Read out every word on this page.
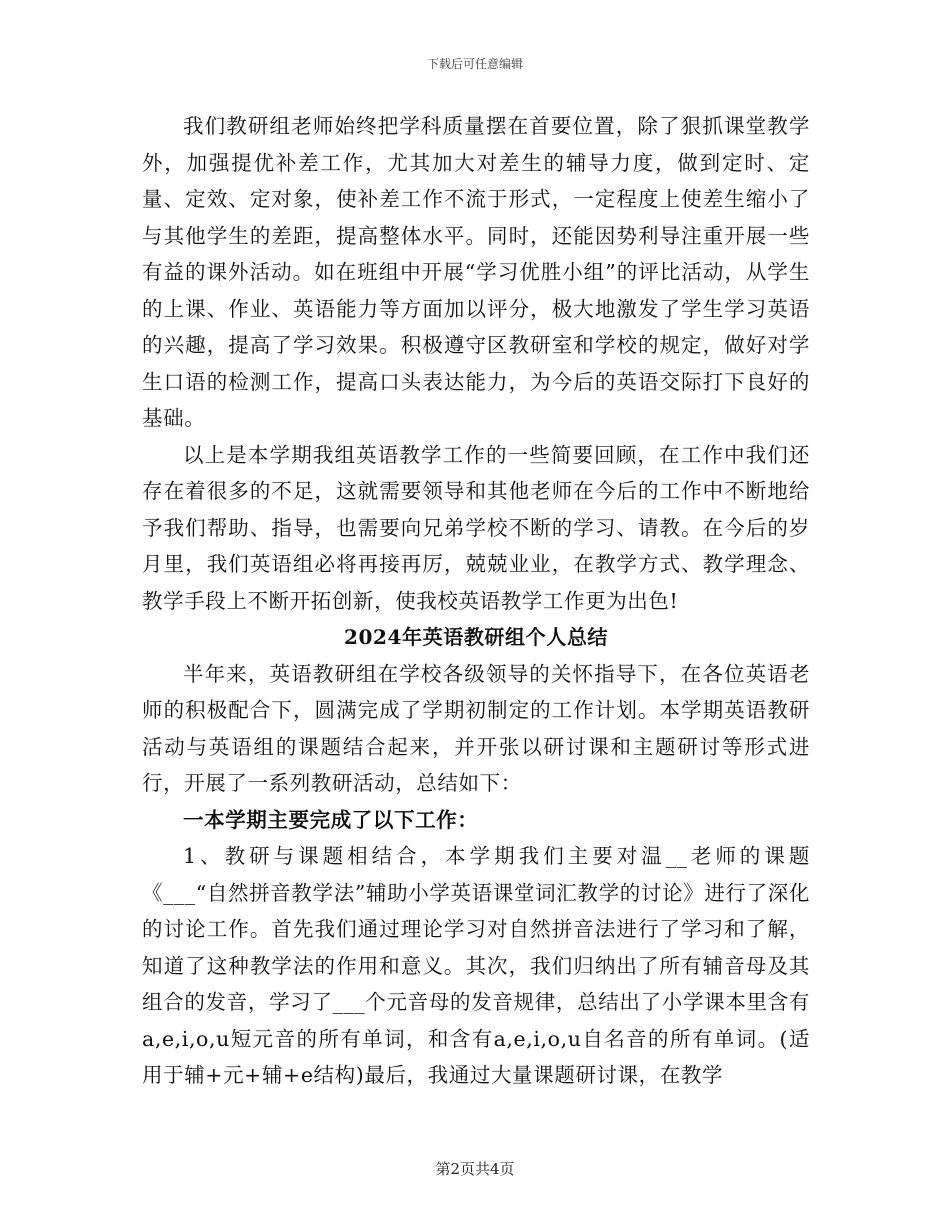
下载后可任意编辑

我们教研组老师始终把学科质量摆在首要位置，除了狠抓课堂教学外，加强提优补差工作，尤其加大对差生的辅导力度，做到定时、定量、定效、定对象，使补差工作不流于形式，一定程度上使差生缩小了与其他学生的差距，提高整体水平。同时，还能因势利导注重开展一些有益的课外活动。如在班组中开展“学习优胜小组”的评比活动，从学生的上课、作业、英语能力等方面加以评分，极大地激发了学生学习英语的兴趣，提高了学习效果。积极遵守区教研室和学校的规定，做好对学生口语的检测工作，提高口头表达能力，为今后的英语交际打下良好的基础。

以上是本学期我组英语教学工作的一些简要回顾，在工作中我们还存在着很多的不足，这就需要领导和其他老师在今后的工作中不断地给予我们帮助、指导，也需要向兄弟学校不断的学习、请教。在今后的岁月里，我们英语组必将再接再厉，兢兢业业，在教学方式、教学理念、教学手段上不断开拓创新，使我校英语教学工作更为出色!

2024年英语教研组个人总结

半年来，英语教研组在学校各级领导的关怀指导下，在各位英语老师的积极配合下，圆满完成了学期初制定的工作计划。本学期英语教研活动与英语组的课题结合起来，并开张以研讨课和主题研讨等形式进行，开展了一系列教研活动，总结如下：

一本学期主要完成了以下工作：

1、教研与课题相结合，本学期我们主要对温__老师的课题《___“自然拼音教学法”辅助小学英语课堂词汇教学的讨论》进行了深化的讨论工作。首先我们通过理论学习对自然拼音法进行了学习和了解，知道了这种教学法的作用和意义。其次，我们归纳出了所有辅音母及其组合的发音，学习了___个元音母的发音规律，总结出了小学课本里含有a,e,i,o,u短元音的所有单词，和含有a,e,i,o,u自名音的所有单词。(适用于辅+元+辅+e结构)最后，我通过大量课题研讨课，在教学

第2页共4页
